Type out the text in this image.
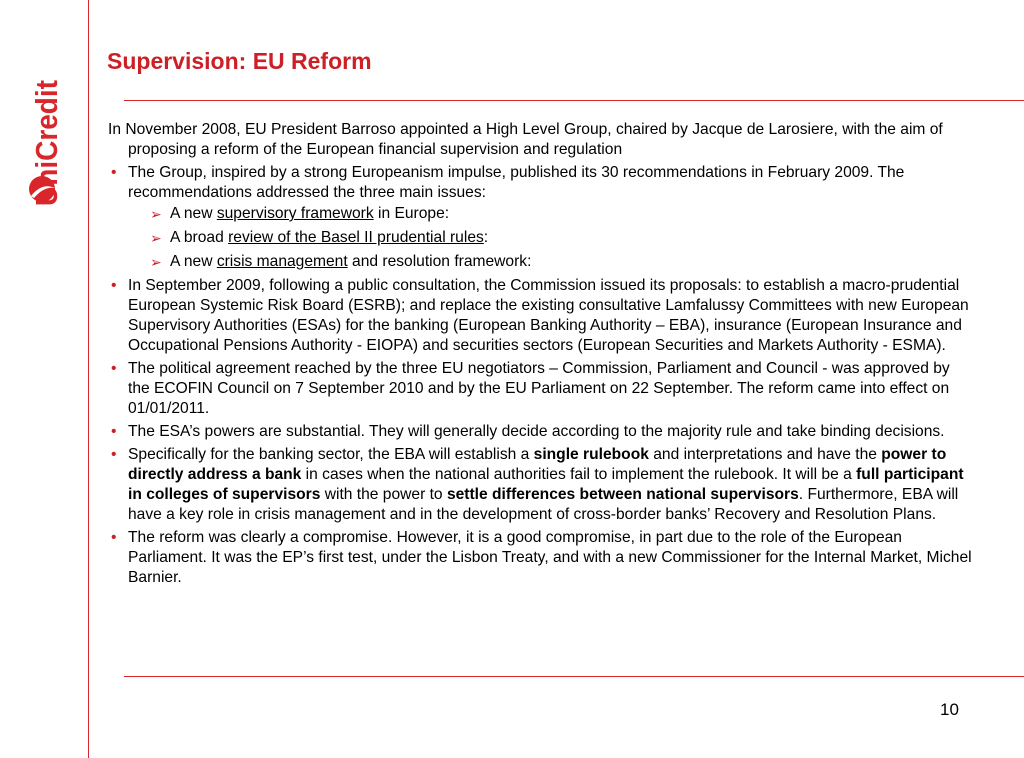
UniCredit
Supervision: EU Reform

In November 2008, EU President Barroso appointed a High Level Group, chaired by Jacque de Larosiere, with the aim of proposing a reform of the European financial supervision and regulation

• The Group, inspired by a strong Europeanism impulse, published its 30 recommendations in February 2009. The recommendations addressed the three main issues:
➢ A new supervisory framework in Europe:
➢ A broad review of the Basel II prudential rules:
➢ A new crisis management and resolution framework:
• In September 2009, following a public consultation, the Commission issued its proposals: to establish a macro-prudential European Systemic Risk Board (ESRB); and replace the existing consultative Lamfalussy Committees with new European Supervisory Authorities (ESAs) for the banking (European Banking Authority – EBA), insurance (European Insurance and Occupational Pensions Authority - EIOPA) and securities sectors (European Securities and Markets Authority - ESMA).
• The political agreement reached by the three EU negotiators – Commission, Parliament and Council - was approved by the ECOFIN Council on 7 September 2010 and by the EU Parliament on 22 September. The reform came into effect on 01/01/2011.
• The ESA’s powers are substantial. They will generally decide according to the majority rule and take binding decisions.
• Specifically for the banking sector, the EBA will establish a single rulebook and interpretations and have the power to directly address a bank in cases when the national authorities fail to implement the rulebook. It will be a full participant in colleges of supervisors with the power to settle differences between national supervisors. Furthermore, EBA will have a key role in crisis management and in the development of cross-border banks’ Recovery and Resolution Plans.
• The reform was clearly a compromise. However, it is a good compromise, in part due to the role of the European Parliament. It was the EP’s first test, under the Lisbon Treaty, and with a new Commissioner for the Internal Market, Michel Barnier.
10
